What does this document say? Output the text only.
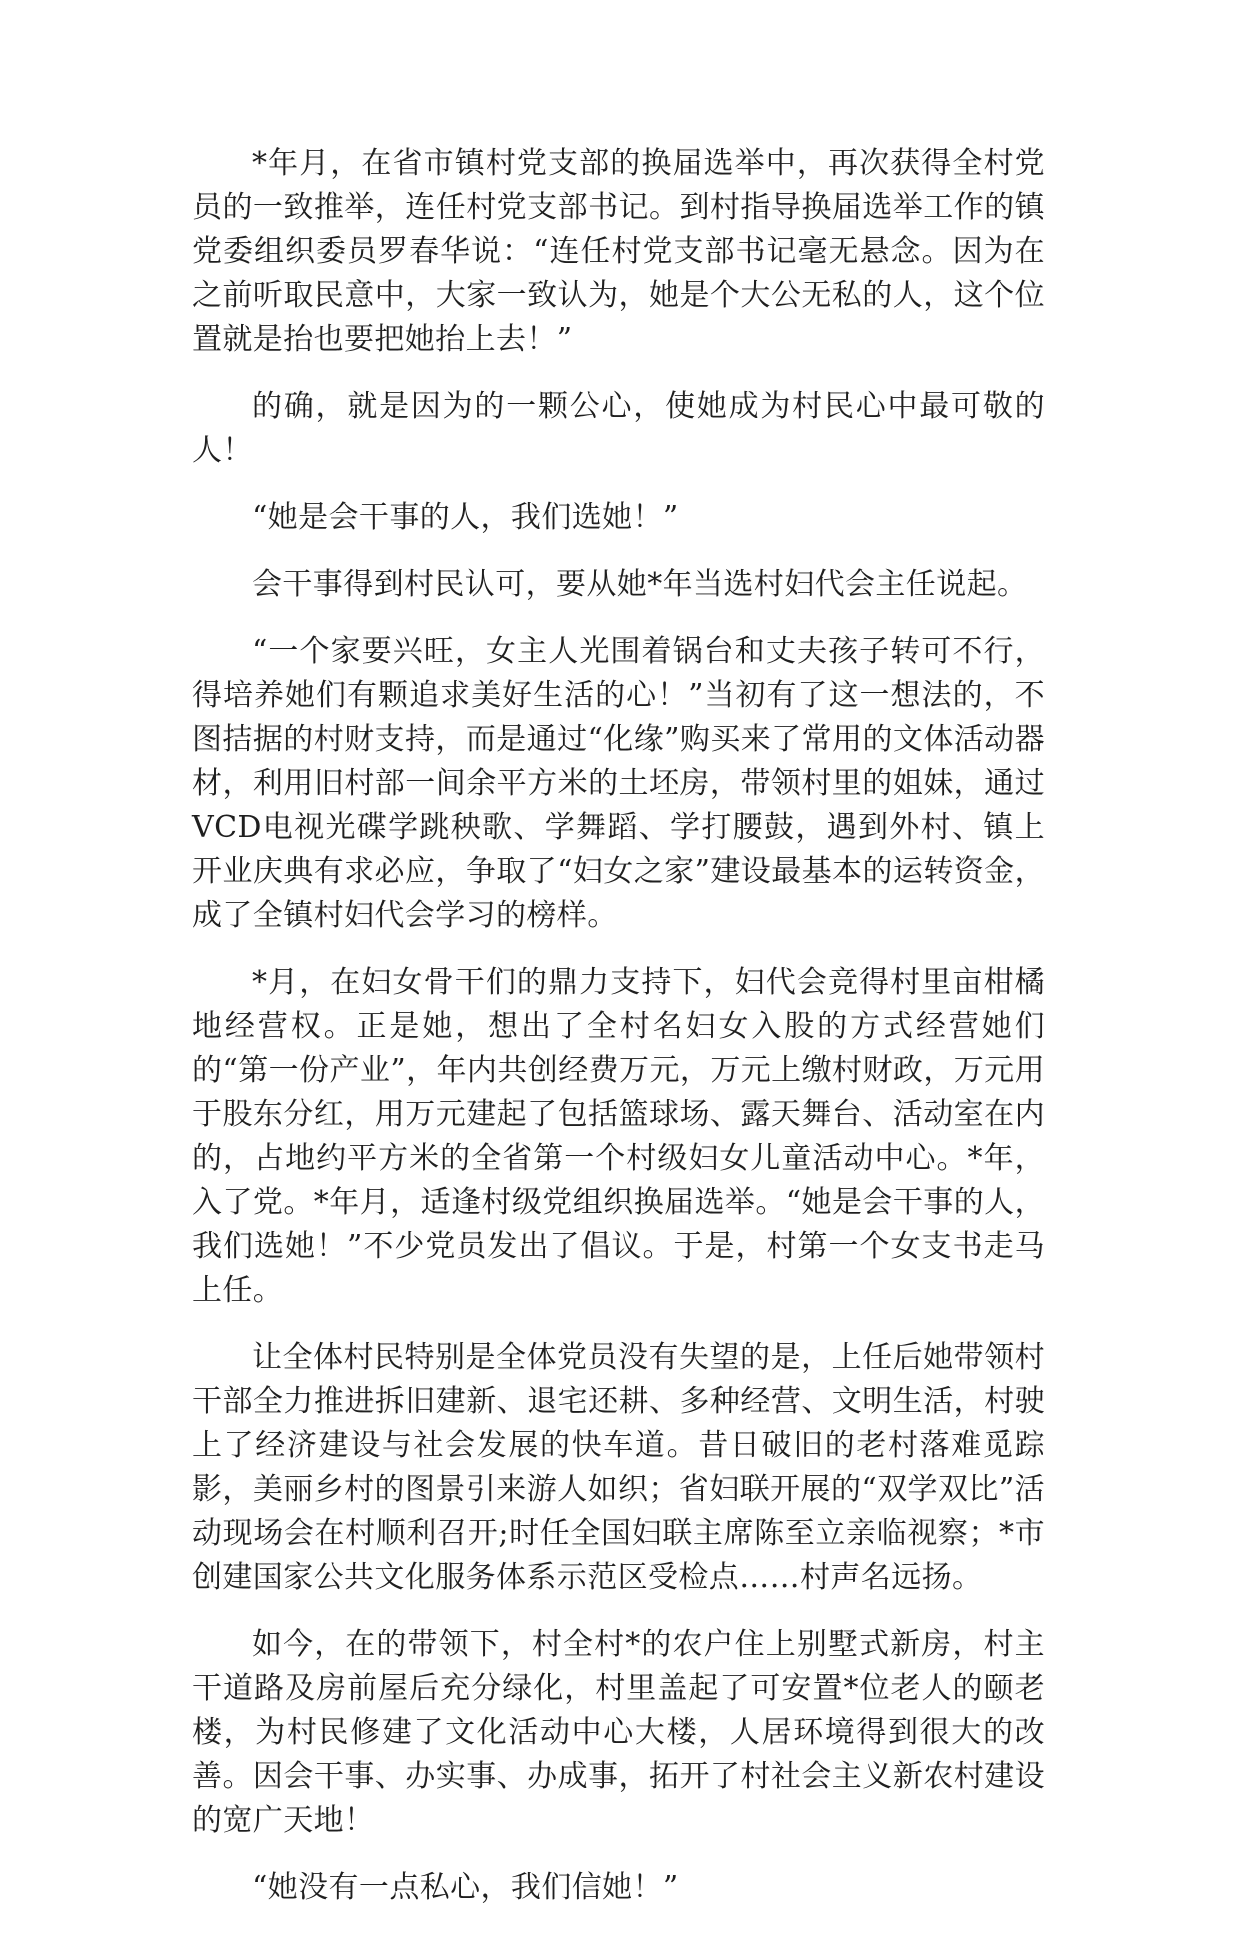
*年月，在省市镇村党支部的换届选举中，再次获得全村党员的一致推举，连任村党支部书记。到村指导换届选举工作的镇党委组织委员罗春华说：“连任村党支部书记毫无悬念。因为在之前听取民意中，大家一致认为，她是个大公无私的人，这个位置就是抬也要把她抬上去！”

的确，就是因为的一颗公心，使她成为村民心中最可敬的人！

“她是会干事的人，我们选她！”

会干事得到村民认可，要从她*年当选村妇代会主任说起。

“一个家要兴旺，女主人光围着锅台和丈夫孩子转可不行，得培养她们有颗追求美好生活的心！”当初有了这一想法的，不图拮据的村财支持，而是通过“化缘”购买来了常用的文体活动器材，利用旧村部一间余平方米的土坯房，带领村里的姐妹，通过VCD电视光碟学跳秧歌、学舞蹈、学打腰鼓，遇到外村、镇上开业庆典有求必应，争取了“妇女之家”建设最基本的运转资金，成了全镇村妇代会学习的榜样。

*月，在妇女骨干们的鼎力支持下，妇代会竞得村里亩柑橘地经营权。正是她，想出了全村名妇女入股的方式经营她们的“第一份产业”，年内共创经费万元，万元上缴村财政，万元用于股东分红，用万元建起了包括篮球场、露天舞台、活动室在内的，占地约平方米的全省第一个村级妇女儿童活动中心。*年，入了党。*年月，适逢村级党组织换届选举。“她是会干事的人，我们选她！”不少党员发出了倡议。于是，村第一个女支书走马上任。

让全体村民特别是全体党员没有失望的是，上任后她带领村干部全力推进拆旧建新、退宅还耕、多种经营、文明生活，村驶上了经济建设与社会发展的快车道。昔日破旧的老村落难觅踪影，美丽乡村的图景引来游人如织；省妇联开展的“双学双比”活动现场会在村顺利召开;时任全国妇联主席陈至立亲临视察；*市创建国家公共文化服务体系示范区受检点……村声名远扬。

如今，在的带领下，村全村*的农户住上别墅式新房，村主干道路及房前屋后充分绿化，村里盖起了可安置*位老人的颐老楼，为村民修建了文化活动中心大楼，人居环境得到很大的改善。因会干事、办实事、办成事，拓开了村社会主义新农村建设的宽广天地！

“她没有一点私心，我们信她！”
